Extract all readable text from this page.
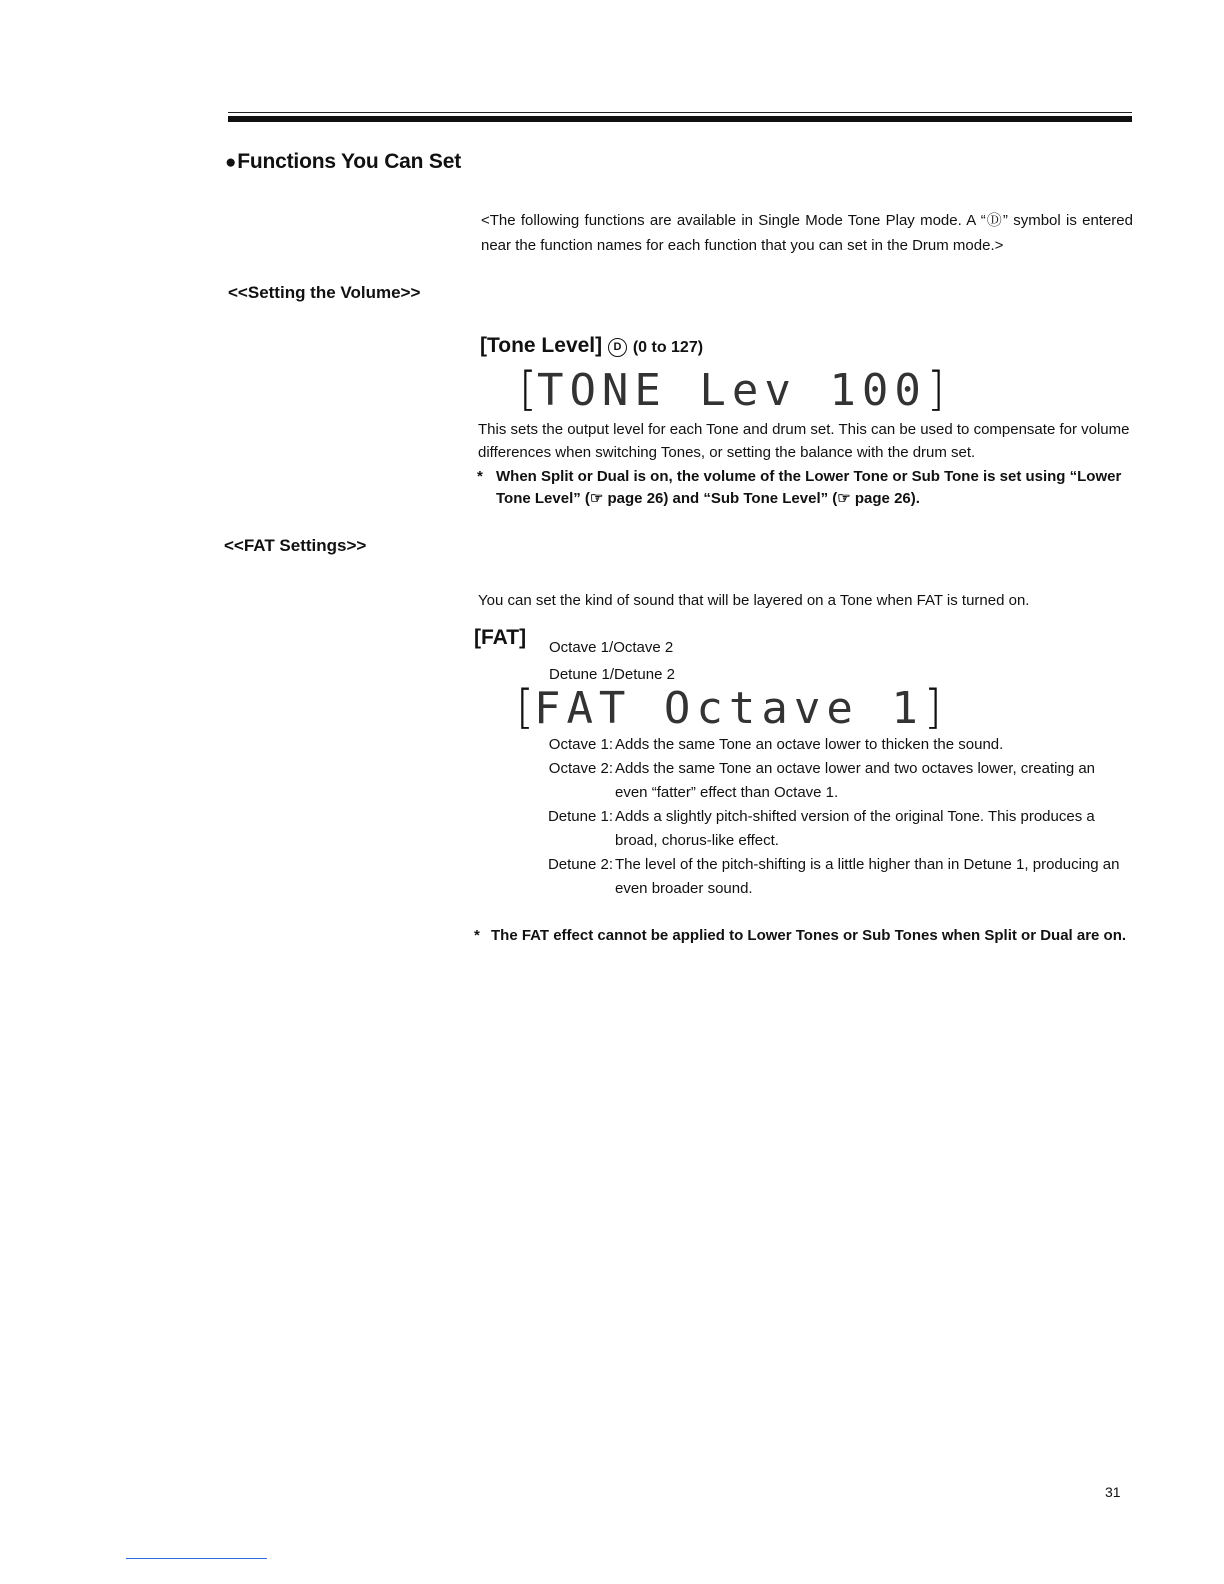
●Functions You Can Set
<The following functions are available in Single Mode Tone Play mode. A “Ⓓ” symbol is entered near the function names for each function that you can set in the Drum mode.>
<<Setting the Volume>>
[Tone Level] D (0 to 127)
[TONE Lev 100]
This sets the output level for each Tone and drum set. This can be used to compensate for volume differences when switching Tones, or setting the balance with the drum set.
* When Split or Dual is on, the volume of the Lower Tone or Sub Tone is set using “Lower Tone Level” (☞ page 26) and “Sub Tone Level” (☞ page 26).
<<FAT Settings>>
You can set the kind of sound that will be layered on a Tone when FAT is turned on.
[FAT] Octave 1/Octave 2
Detune 1/Detune 2
[FAT Octave 1]
Octave 1: Adds the same Tone an octave lower to thicken the sound.
Octave 2: Adds the same Tone an octave lower and two octaves lower, creating an even “fatter” effect than Octave 1.
Detune 1: Adds a slightly pitch-shifted version of the original Tone. This produces a broad, chorus-like effect.
Detune 2: The level of the pitch-shifting is a little higher than in Detune 1, producing an even broader sound.
* The FAT effect cannot be applied to Lower Tones or Sub Tones when Split or Dual are on.
31
